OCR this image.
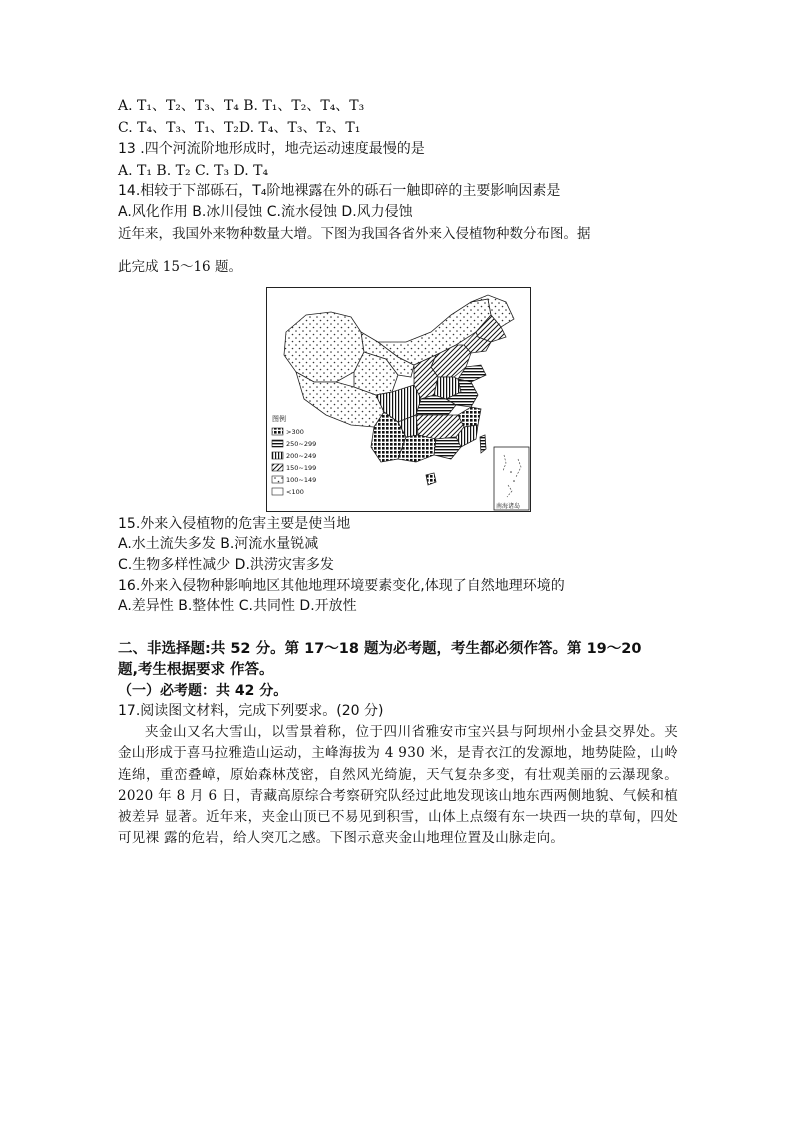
A. T₁、T₂、T₃、T₄ B. T₁、T₂、T₄、T₃
C. T₄、T₃、T₁、T₂D. T₄、T₃、T₂、T₁
13 .四个河流阶地形成时，地壳运动速度最慢的是
A. T₁ B. T₂ C. T₃ D. T₄
14.相较于下部砾石，T₄阶地裸露在外的砾石一触即碎的主要影响因素是
A.风化作用 B.冰川侵蚀 C.流水侵蚀 D.风力侵蚀
近年来，我国外来物种数量大增。下图为我国各省外来入侵植物种数分布图。据
此完成 15～16 题。
图例
>300
250~299
200~249
150~199
100~149
<100
南海诸岛
15.外来入侵植物的危害主要是使当地
A.水土流失多发 B.河流水量锐减
C.生物多样性减少 D.洪涝灾害多发
16.外来入侵物种影响地区其他地理环境要素变化,体现了自然地理环境的
A.差异性 B.整体性 C.共同性 D.开放性
二、非选择题:共 52 分。第 17～18 题为必考题，考生都必须作答。第 19～20
题,考生根据要求 作答。
（一）必考题：共 42 分。
17.阅读图文材料，完成下列要求。(20 分)
夹金山又名大雪山，以雪景着称，位于四川省雅安市宝兴县与阿坝州小金县交界处。夹金山形成于喜马拉雅造山运动，主峰海拔为 4 930 米，是青衣江的发源地，地势陡险，山岭连绵，重峦叠嶂，原始森林茂密，自然风光绮旎，天气复杂多变，有壮观美丽的云瀑现象。2020 年 8 月 6 日，青藏高原综合考察研究队经过此地发现该山地东西两侧地貌、气候和植被差异 显著。近年来，夹金山顶已不易见到积雪，山体上点缀有东一块西一块的草甸，四处可见裸 露的危岩，给人突兀之感。下图示意夹金山地理位置及山脉走向。
